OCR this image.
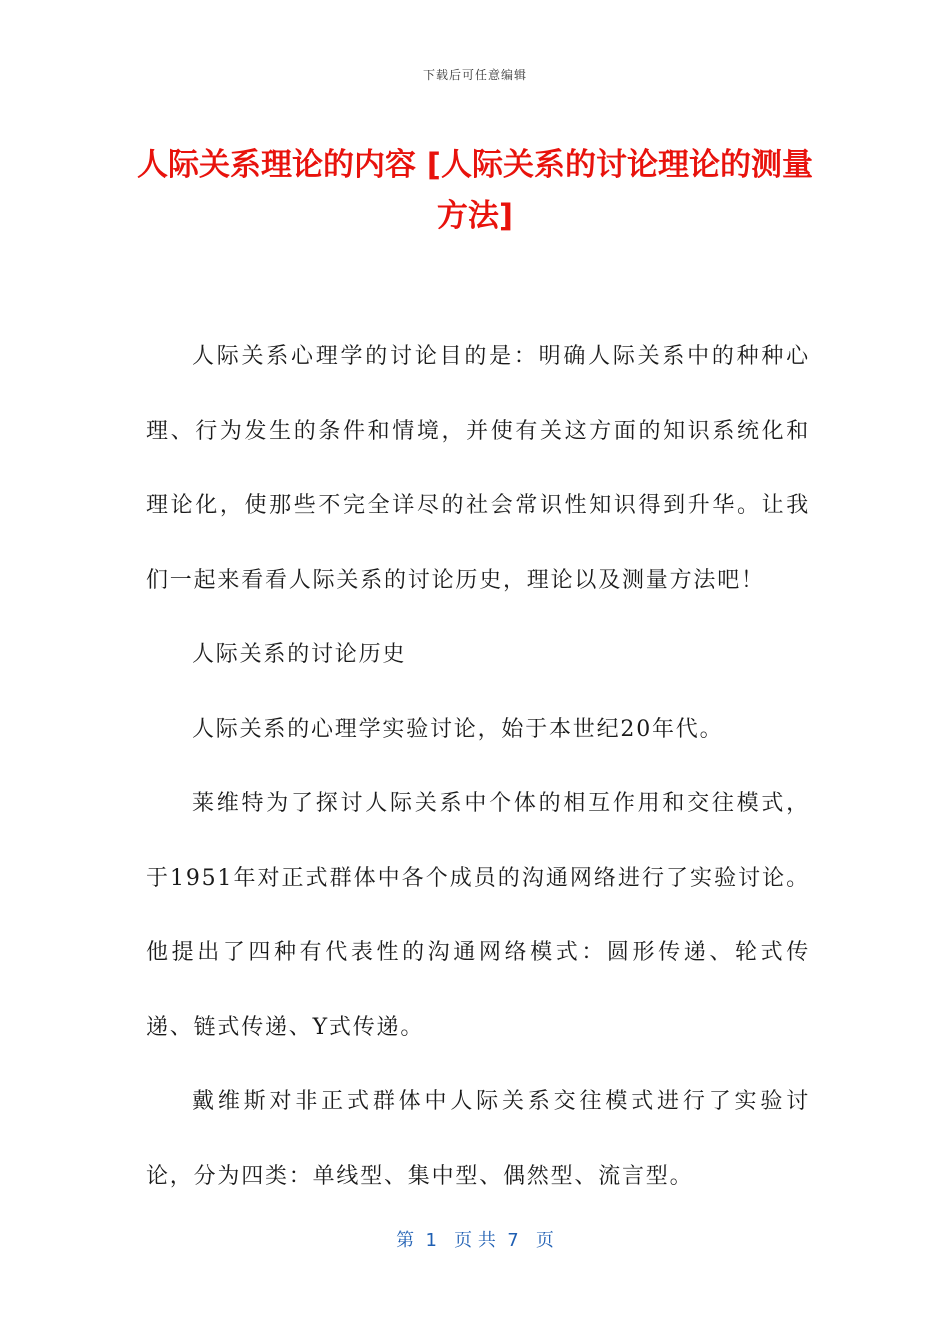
下载后可任意编辑
人际关系理论的内容 [人际关系的讨论理论的测量方法]

人际关系心理学的讨论目的是：明确人际关系中的种种心理、行为发生的条件和情境，并使有关这方面的知识系统化和理论化，使那些不完全详尽的社会常识性知识得到升华。让我们一起来看看人际关系的讨论历史，理论以及测量方法吧！

人际关系的讨论历史

人际关系的心理学实验讨论，始于本世纪20年代。

莱维特为了探讨人际关系中个体的相互作用和交往模式，于1951年对正式群体中各个成员的沟通网络进行了实验讨论。他提出了四种有代表性的沟通网络模式：圆形传递、轮式传递、链式传递、Y式传递。

戴维斯对非正式群体中人际关系交往模式进行了实验讨论，分为四类：单线型、集中型、偶然型、流言型。

第  1   页 共  7   页
